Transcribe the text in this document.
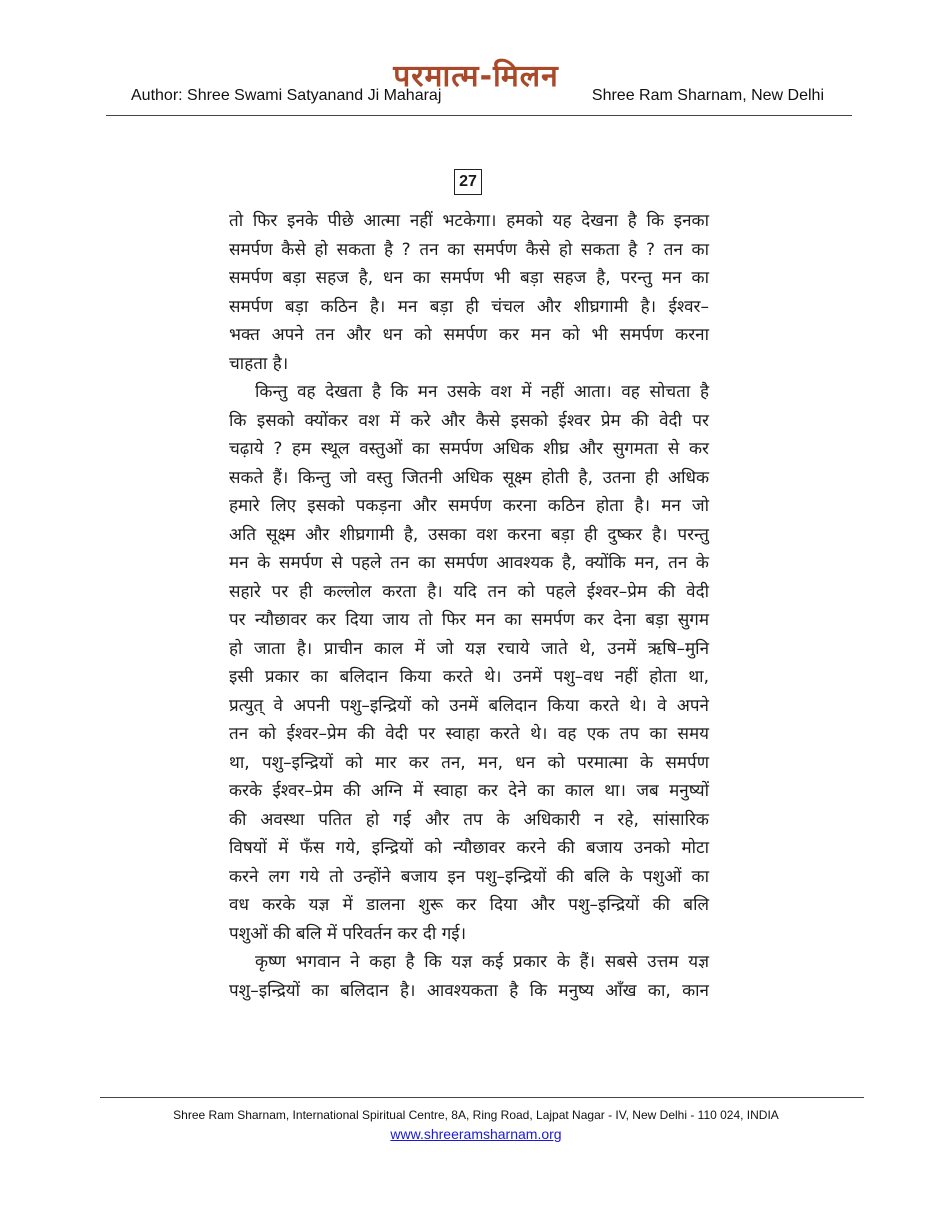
परमात्म-मिलन
Author: Shree Swami Satyanand Ji Maharaj	Shree Ram Sharnam, New Delhi
27
तो फिर इनके पीछे आत्मा नहीं भटकेगा। हमको यह देखना है कि इनका
समर्पण कैसे हो सकता है ? तन का समर्पण कैसे हो सकता है ? तन का
समर्पण बड़ा सहज है, धन का समर्पण भी बड़ा सहज है, परन्तु मन का
समर्पण बड़ा कठिन है। मन बड़ा ही चंचल और शीघ्रगामी है। ईश्वर–
भक्त अपने तन और धन को समर्पण कर मन को भी समर्पण करना
चाहता है।
किन्तु वह देखता है कि मन उसके वश में नहीं आता। वह सोचता है
कि इसको क्योंकर वश में करे और कैसे इसको ईश्वर प्रेम की वेदी पर
चढ़ाये ? हम स्थूल वस्तुओं का समर्पण अधिक शीघ्र और सुगमता से कर
सकते हैं। किन्तु जो वस्तु जितनी अधिक सूक्ष्म होती है, उतना ही अधिक
हमारे लिए इसको पकड़ना और समर्पण करना कठिन होता है। मन जो
अति सूक्ष्म और शीघ्रगामी है, उसका वश करना बड़ा ही दुष्कर है। परन्तु
मन के समर्पण से पहले तन का समर्पण आवश्यक है, क्योंकि मन, तन के
सहारे पर ही कल्लोल करता है। यदि तन को पहले ईश्वर–प्रेम की वेदी
पर न्यौछावर कर दिया जाय तो फिर मन का समर्पण कर देना बड़ा सुगम
हो जाता है। प्राचीन काल में जो यज्ञ रचाये जाते थे, उनमें ऋषि–मुनि
इसी प्रकार का बलिदान किया करते थे। उनमें पशु–वध नहीं होता था,
प्रत्युत् वे अपनी पशु–इन्द्रियों को उनमें बलिदान किया करते थे। वे अपने
तन को ईश्वर–प्रेम की वेदी पर स्वाहा करते थे। वह एक तप का समय
था, पशु–इन्द्रियों को मार कर तन, मन, धन को परमात्मा के समर्पण
करके ईश्वर–प्रेम की अग्नि में स्वाहा कर देने का काल था। जब मनुष्यों
की अवस्था पतित हो गई और तप के अधिकारी न रहे, सांसारिक
विषयों में फँस गये, इन्द्रियों को न्यौछावर करने की बजाय उनको मोटा
करने लग गये तो उन्होंने बजाय इन पशु–इन्द्रियों की बलि के पशुओं का
वध करके यज्ञ में डालना शुरू कर दिया और पशु–इन्द्रियों की बलि
पशुओं की बलि में परिवर्तन कर दी गई।
कृष्ण भगवान ने कहा है कि यज्ञ कई प्रकार के हैं। सबसे उत्तम यज्ञ
पशु–इन्द्रियों का बलिदान है। आवश्यकता है कि मनुष्य आँख का, कान
Shree Ram Sharnam, International Spiritual Centre, 8A, Ring Road, Lajpat Nagar - IV, New Delhi - 110 024, INDIA
www.shreeramsharnam.org
